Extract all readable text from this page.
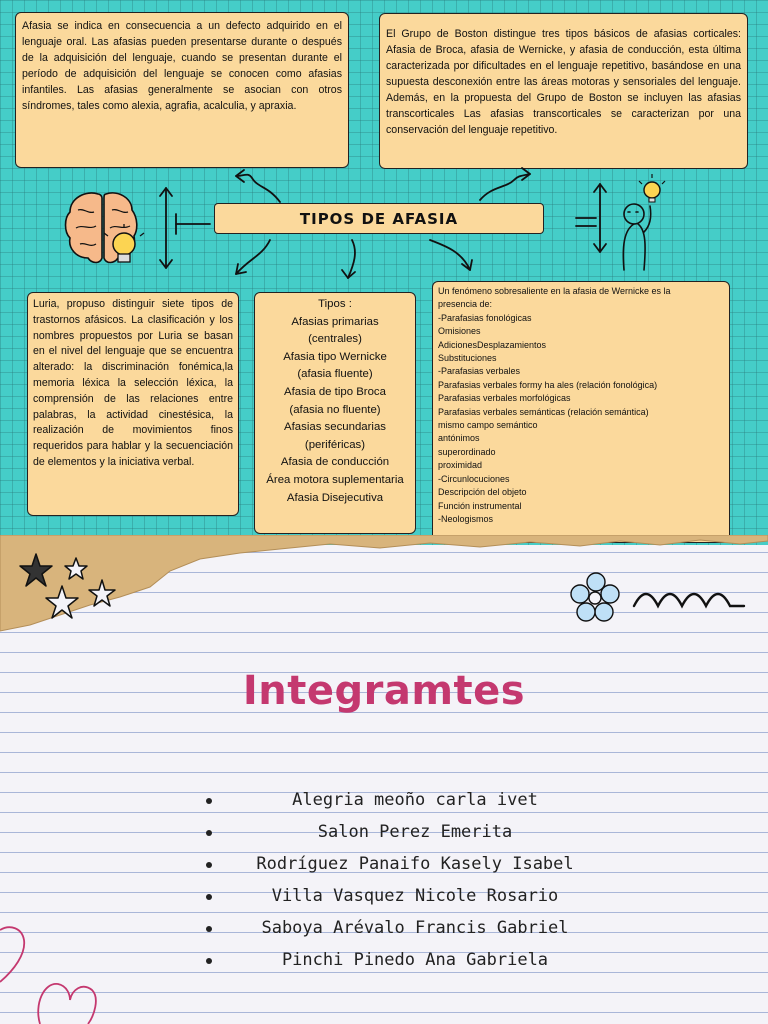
Afasia se indica en consecuencia a un defecto adquirido en el lenguaje oral. Las afasias pueden presentarse durante o después de la adquisición del lenguaje, cuando se presentan durante el período de adquisición del lenguaje se conocen como afasias infantiles. Las afasias generalmente se asocian con otros síndromes, tales como alexia, agrafia, acalculia, y apraxia.

El Grupo de Boston distingue tres tipos básicos de afasias corticales: Afasia de Broca, afasia de Wernicke, y afasia de conducción, esta última caracterizada por dificultades en el lenguaje repetitivo, basándose en una supuesta desconexión entre las áreas motoras y sensoriales del lenguaje. Además, en la propuesta del Grupo de Boston se incluyen las afasias transcorticales Las afasias transcorticales se caracterizan por una conservación del lenguaje repetitivo.

TIPOS DE AFASIA

Luria, propuso distinguir siete tipos de trastornos afásicos. La clasificación y los nombres propuestos por Luria se basan en el nivel del lenguaje que se encuentra alterado: la discriminación fonémica,la memoria léxica la selección léxica, la comprensión de las relaciones entre palabras, la actividad cinestésica, la realización de movimientos finos requeridos para hablar y la secuenciación de elementos y la iniciativa verbal.

Tipos :
Afasias primarias
(centrales)
Afasia tipo Wernicke
(afasia fluente)
Afasia de tipo Broca
(afasia no fluente)
Afasias secundarias
(periféricas)
Afasia de conducción
Área motora suplementaria
Afasia Disejecutiva
Un fenómeno sobresaliente en la afasia de Wernicke es la
presencia de:
-Parafasias fonológicas
Omisiones
AdicionesDesplazamientos
Substituciones
-Parafasias verbales
Parafasias verbales formy ha ales (relación fonológica)
Parafasias verbales morfológicas
Parafasias verbales semánticas (relación semántica)
mismo campo semántico
antónimos
superordinado
proximidad
-Circunlocuciones
Descripción del objeto
Función instrumental
-Neologismos
Integramtes
Alegria meoño carla ivet
Salon Perez Emerita
Rodríguez Panaifo Kasely Isabel
Villa Vasquez Nicole Rosario
Saboya Arévalo Francis Gabriel
Pinchi Pinedo Ana Gabriela
